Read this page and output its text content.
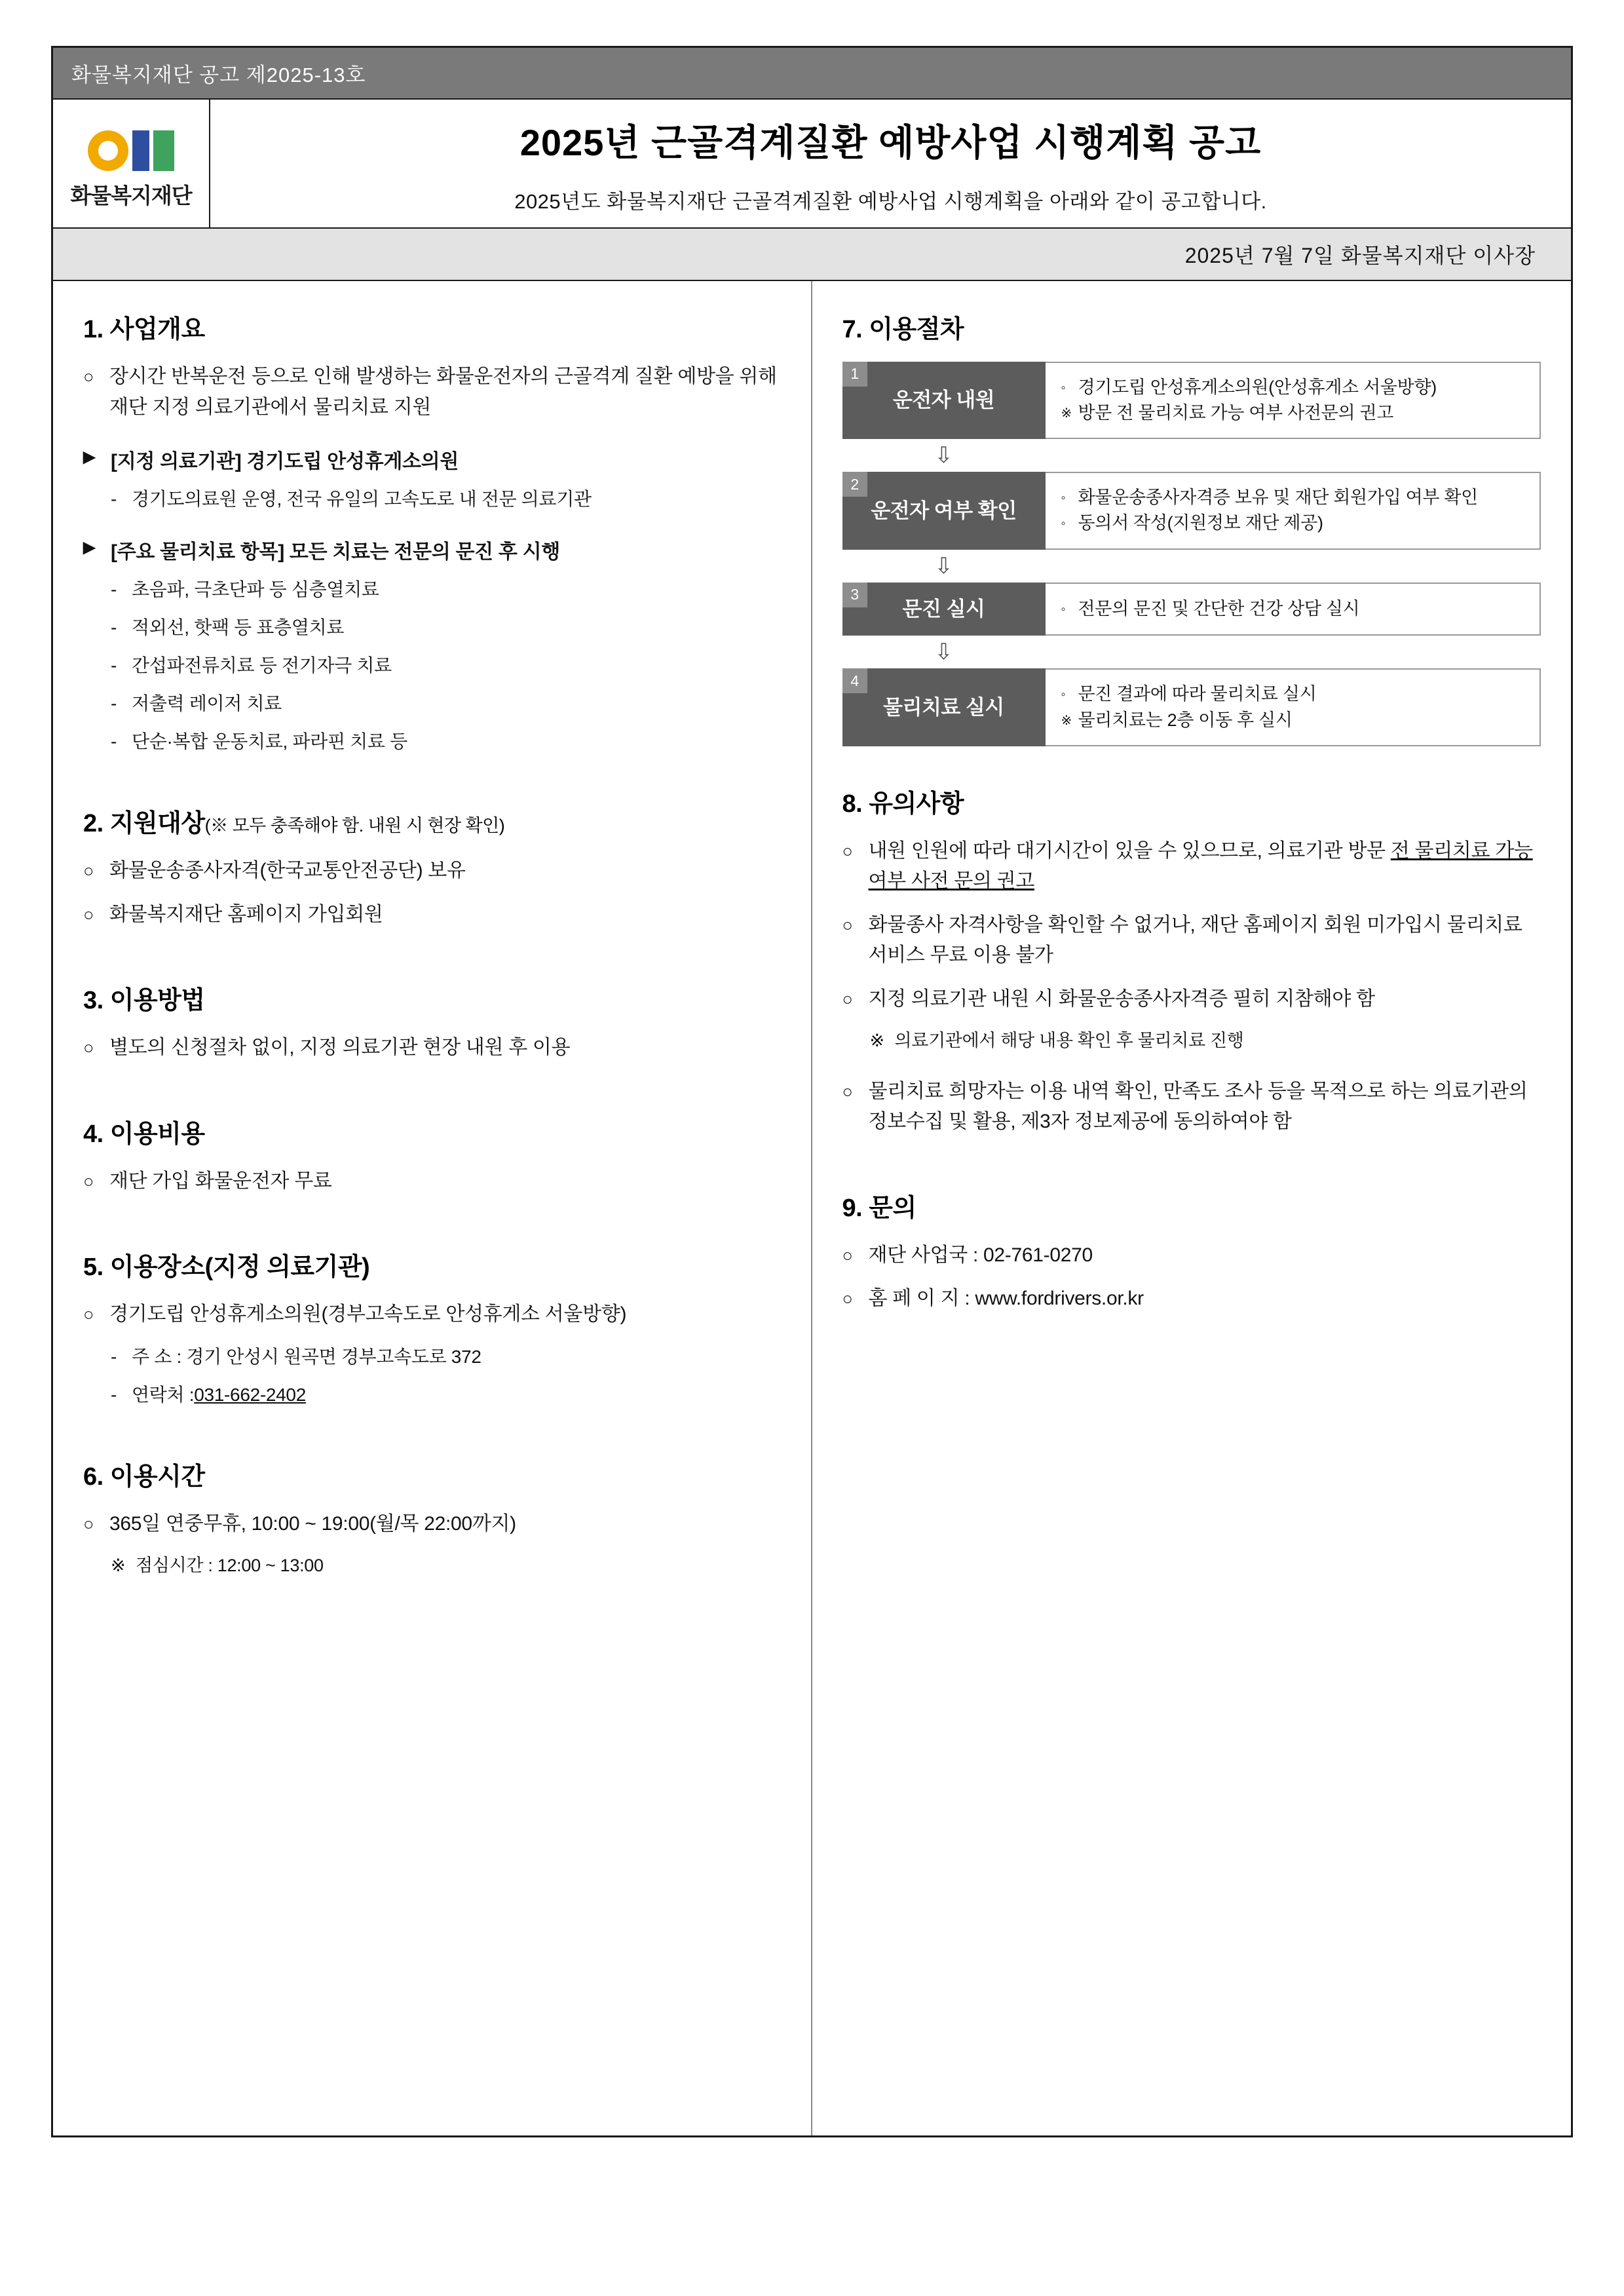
화물복지재단 공고 제2025-13호
화물복지재단
2025년 근골격계질환 예방사업 시행계획 공고
2025년도 화물복지재단 근골격계질환 예방사업 시행계획을 아래와 같이 공고합니다.
2025년 7월 7일 화물복지재단 이사장
1. 사업개요
○ 장시간 반복운전 등으로 인해 발생하는 화물운전자의 근골격계 질환 예방을 위해 재단 지정 의료기관에서 물리치료 지원
▶ [지정 의료기관] 경기도립 안성휴게소의원
- 경기도의료원 운영, 전국 유일의 고속도로 내 전문 의료기관
▶ [주요 물리치료 항목] 모든 치료는 전문의 문진 후 시행
- 초음파, 극초단파 등 심층열치료
- 적외선, 핫팩 등 표층열치료
- 간섭파전류치료 등 전기자극 치료
- 저출력 레이저 치료
- 단순·복합 운동치료, 파라핀 치료 등
2. 지원대상(※ 모두 충족해야 함. 내원 시 현장 확인)
○ 화물운송종사자격(한국교통안전공단) 보유
○ 화물복지재단 홈페이지 가입회원
3. 이용방법
○ 별도의 신청절차 없이, 지정 의료기관 현장 내원 후 이용
4. 이용비용
○ 재단 가입 화물운전자 무료
5. 이용장소(지정 의료기관)
○ 경기도립 안성휴게소의원(경부고속도로 안성휴게소 서울방향)
- 주 소 : 경기 안성시 원곡면 경부고속도로 372
- 연락처 : 031-662-2402
6. 이용시간
○ 365일 연중무휴, 10:00 ~ 19:00(월/목 22:00까지)
※ 점심시간 : 12:00 ~ 13:00
7. 이용절차
1
운전자 내원
◦ 경기도립 안성휴게소의원(안성휴게소 서울방향)
※ 방문 전 물리치료 가능 여부 사전문의 권고
⇩
2
운전자 여부 확인
◦ 화물운송종사자격증 보유 및 재단 회원가입 여부 확인
◦ 동의서 작성(지원정보 재단 제공)
⇩
3
문진 실시	◦ 전문의 문진 및 간단한 건강 상담 실시
⇩
4
물리치료 실시
◦ 문진 결과에 따라 물리치료 실시
※ 물리치료는 2층 이동 후 실시
8. 유의사항
○ 내원 인원에 따라 대기시간이 있을 수 있으므로, 의료기관 방문 전 물리치료 가능 여부 사전 문의 권고
○ 화물종사 자격사항을 확인할 수 없거나, 재단 홈페이지 회원 미가입시 물리치료 서비스 무료 이용 불가
○ 지정 의료기관 내원 시 화물운송종사자격증 필히 지참해야 함
※ 의료기관에서 해당 내용 확인 후 물리치료 진행
○ 물리치료 희망자는 이용 내역 확인, 만족도 조사 등을 목적으로 하는 의료기관의 정보수집 및 활용, 제3자 정보제공에 동의하여야 함
9. 문의
○ 재단 사업국 : 02-761-0270
○ 홈 페 이 지 : www.fordrivers.or.kr
